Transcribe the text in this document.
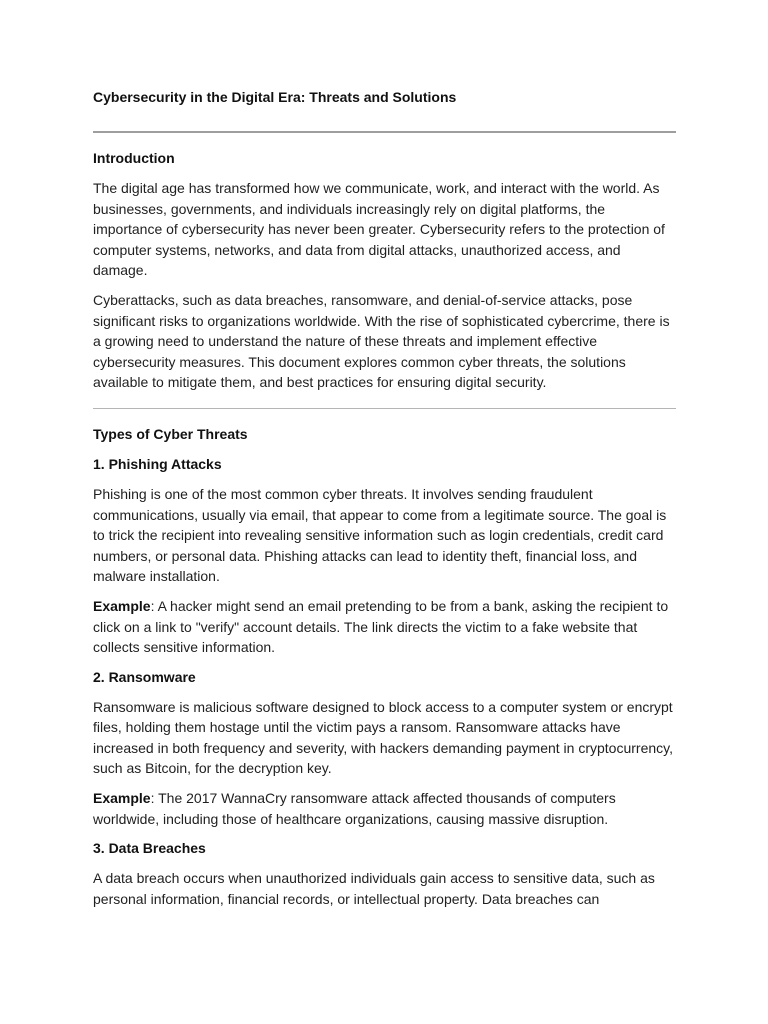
Cybersecurity in the Digital Era: Threats and Solutions
Introduction

The digital age has transformed how we communicate, work, and interact with the world. As businesses, governments, and individuals increasingly rely on digital platforms, the importance of cybersecurity has never been greater. Cybersecurity refers to the protection of computer systems, networks, and data from digital attacks, unauthorized access, and damage.

Cyberattacks, such as data breaches, ransomware, and denial-of-service attacks, pose significant risks to organizations worldwide. With the rise of sophisticated cybercrime, there is a growing need to understand the nature of these threats and implement effective cybersecurity measures. This document explores common cyber threats, the solutions available to mitigate them, and best practices for ensuring digital security.

Types of Cyber Threats
1. Phishing Attacks

Phishing is one of the most common cyber threats. It involves sending fraudulent communications, usually via email, that appear to come from a legitimate source. The goal is to trick the recipient into revealing sensitive information such as login credentials, credit card numbers, or personal data. Phishing attacks can lead to identity theft, financial loss, and malware installation.

Example: A hacker might send an email pretending to be from a bank, asking the recipient to click on a link to "verify" account details. The link directs the victim to a fake website that collects sensitive information.

2. Ransomware

Ransomware is malicious software designed to block access to a computer system or encrypt files, holding them hostage until the victim pays a ransom. Ransomware attacks have increased in both frequency and severity, with hackers demanding payment in cryptocurrency, such as Bitcoin, for the decryption key.

Example: The 2017 WannaCry ransomware attack affected thousands of computers worldwide, including those of healthcare organizations, causing massive disruption.

3. Data Breaches

A data breach occurs when unauthorized individuals gain access to sensitive data, such as personal information, financial records, or intellectual property. Data breaches can
